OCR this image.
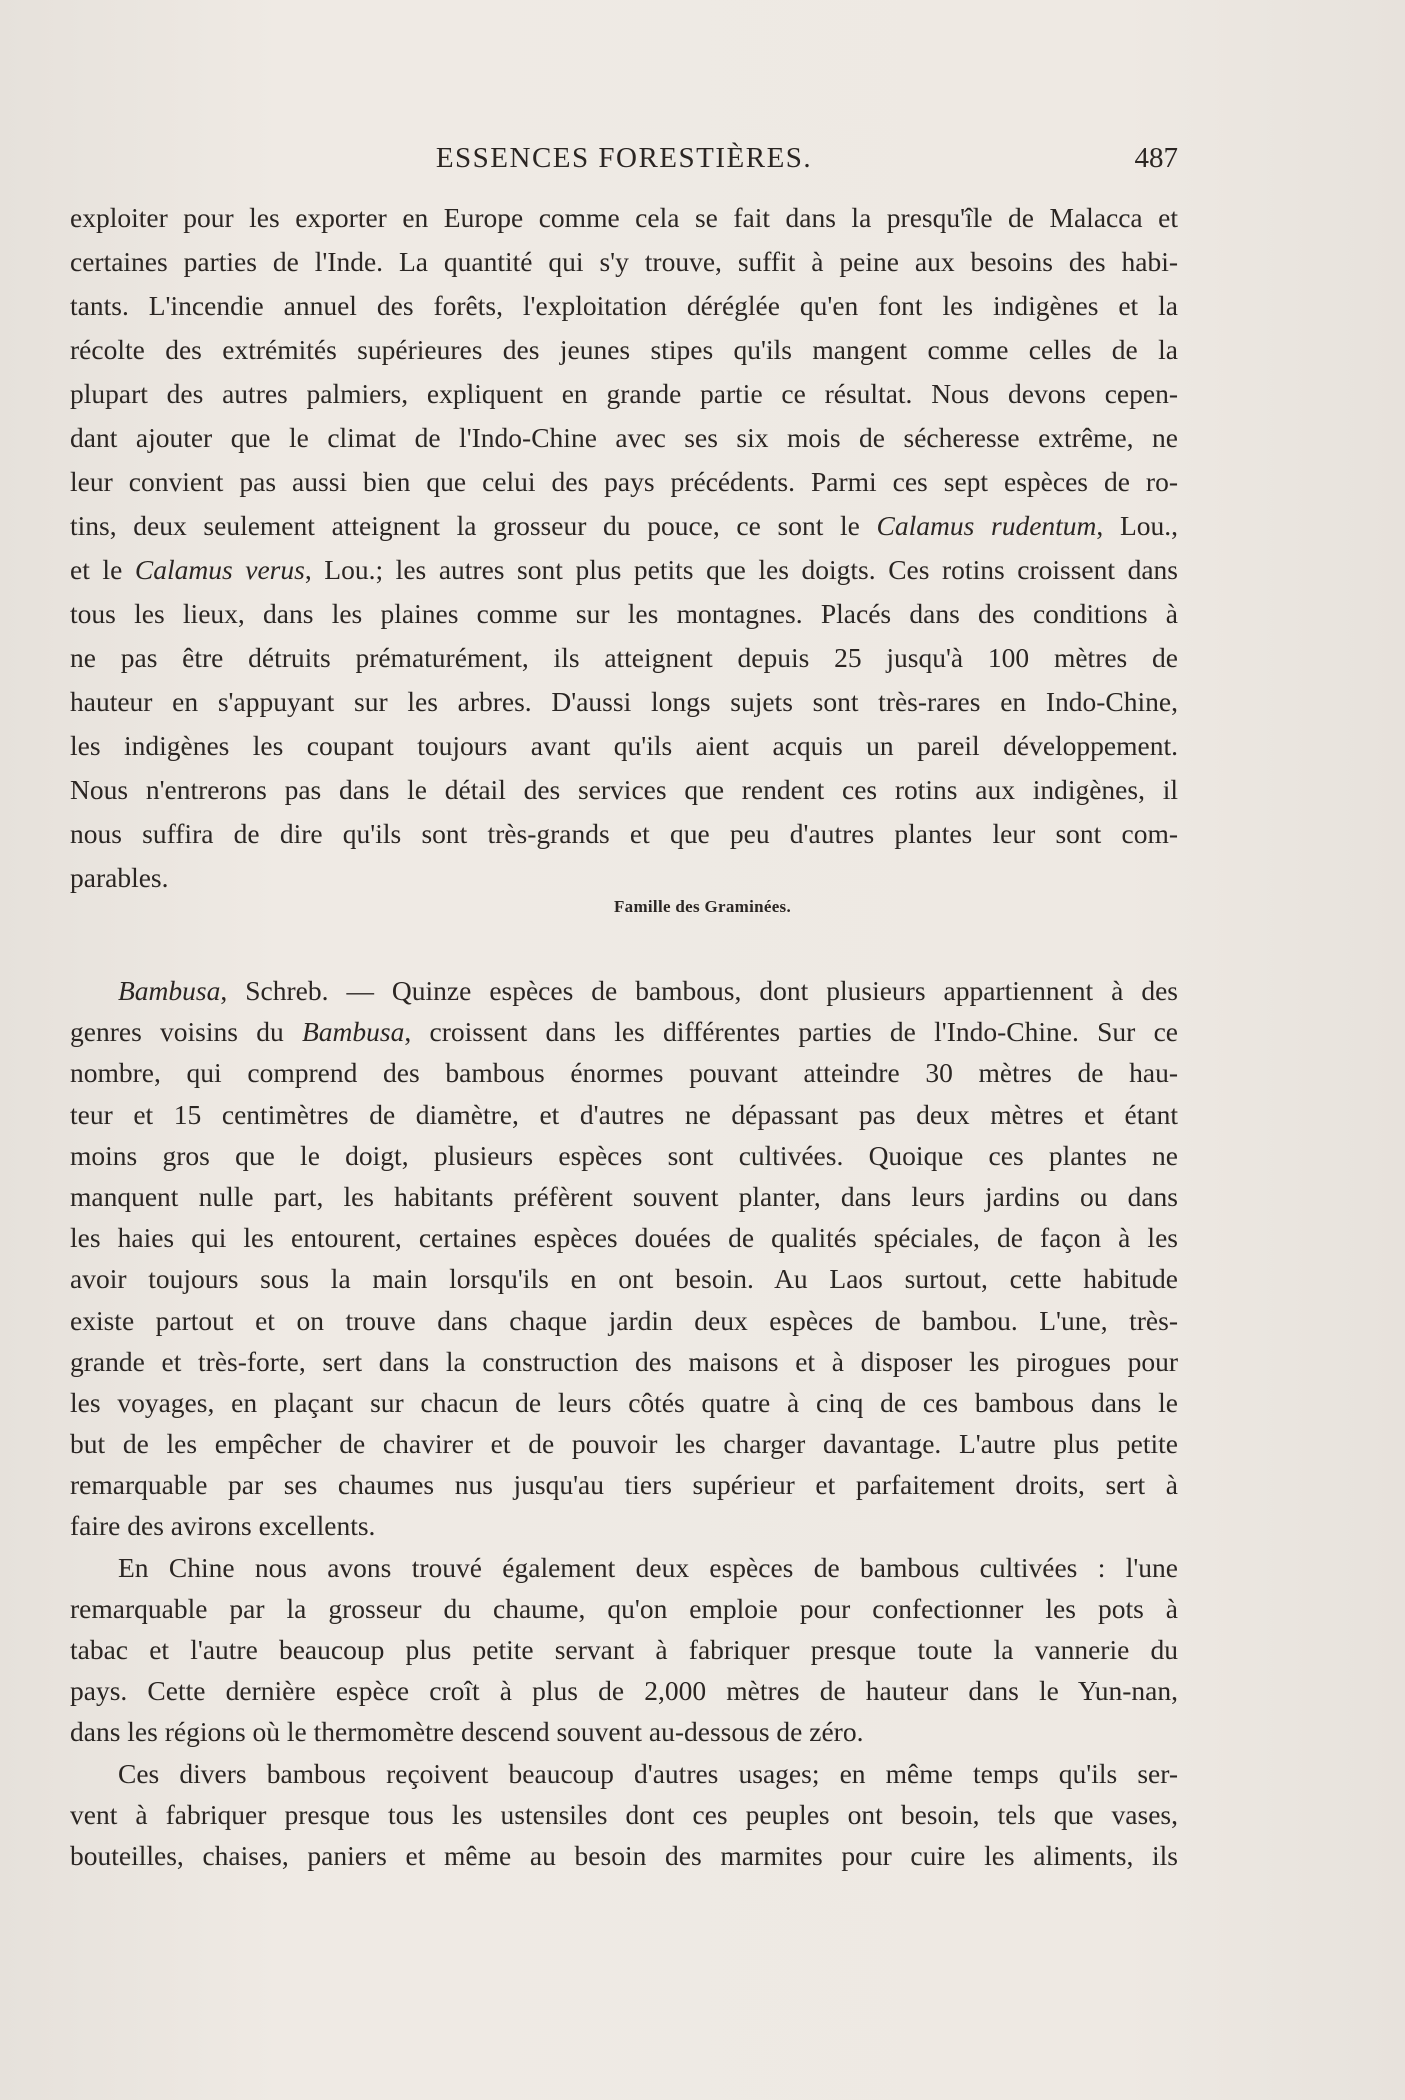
ESSENCES FORESTIÈRES.	487
exploiter pour les exporter en Europe comme cela se fait dans la presqu'île de Malacca et
certaines parties de l'Inde. La quantité qui s'y trouve, suffit à peine aux besoins des habi-
tants. L'incendie annuel des forêts, l'exploitation déréglée qu'en font les indigènes et la
récolte des extrémités supérieures des jeunes stipes qu'ils mangent comme celles de la
plupart des autres palmiers, expliquent en grande partie ce résultat. Nous devons cepen-
dant ajouter que le climat de l'Indo-Chine avec ses six mois de sécheresse extrême, ne
leur convient pas aussi bien que celui des pays précédents. Parmi ces sept espèces de ro-
tins, deux seulement atteignent la grosseur du pouce, ce sont le Calamus rudentum, Lou.,
et le Calamus verus, Lou.; les autres sont plus petits que les doigts. Ces rotins croissent dans
tous les lieux, dans les plaines comme sur les montagnes. Placés dans des conditions à
ne pas être détruits prématurément, ils atteignent depuis 25 jusqu'à 100 mètres de
hauteur en s'appuyant sur les arbres. D'aussi longs sujets sont très-rares en Indo-Chine,
les indigènes les coupant toujours avant qu'ils aient acquis un pareil développement.
Nous n'entrerons pas dans le détail des services que rendent ces rotins aux indigènes, il
nous suffira de dire qu'ils sont très-grands et que peu d'autres plantes leur sont com-
parables.
Famille des Graminées.
Bambusa, Schreb. — Quinze espèces de bambous, dont plusieurs appartiennent à des
genres voisins du Bambusa, croissent dans les différentes parties de l'Indo-Chine. Sur ce
nombre, qui comprend des bambous énormes pouvant atteindre 30 mètres de hau-
teur et 15 centimètres de diamètre, et d'autres ne dépassant pas deux mètres et étant
moins gros que le doigt, plusieurs espèces sont cultivées. Quoique ces plantes ne
manquent nulle part, les habitants préfèrent souvent planter, dans leurs jardins ou dans
les haies qui les entourent, certaines espèces douées de qualités spéciales, de façon à les
avoir toujours sous la main lorsqu'ils en ont besoin. Au Laos surtout, cette habitude
existe partout et on trouve dans chaque jardin deux espèces de bambou. L'une, très-
grande et très-forte, sert dans la construction des maisons et à disposer les pirogues pour
les voyages, en plaçant sur chacun de leurs côtés quatre à cinq de ces bambous dans le
but de les empêcher de chavirer et de pouvoir les charger davantage. L'autre plus petite
remarquable par ses chaumes nus jusqu'au tiers supérieur et parfaitement droits, sert à
faire des avirons excellents.
En Chine nous avons trouvé également deux espèces de bambous cultivées : l'une
remarquable par la grosseur du chaume, qu'on emploie pour confectionner les pots à
tabac et l'autre beaucoup plus petite servant à fabriquer presque toute la vannerie du
pays. Cette dernière espèce croît à plus de 2,000 mètres de hauteur dans le Yun-nan,
dans les régions où le thermomètre descend souvent au-dessous de zéro.
Ces divers bambous reçoivent beaucoup d'autres usages; en même temps qu'ils ser-
vent à fabriquer presque tous les ustensiles dont ces peuples ont besoin, tels que vases,
bouteilles, chaises, paniers et même au besoin des marmites pour cuire les aliments, ils
